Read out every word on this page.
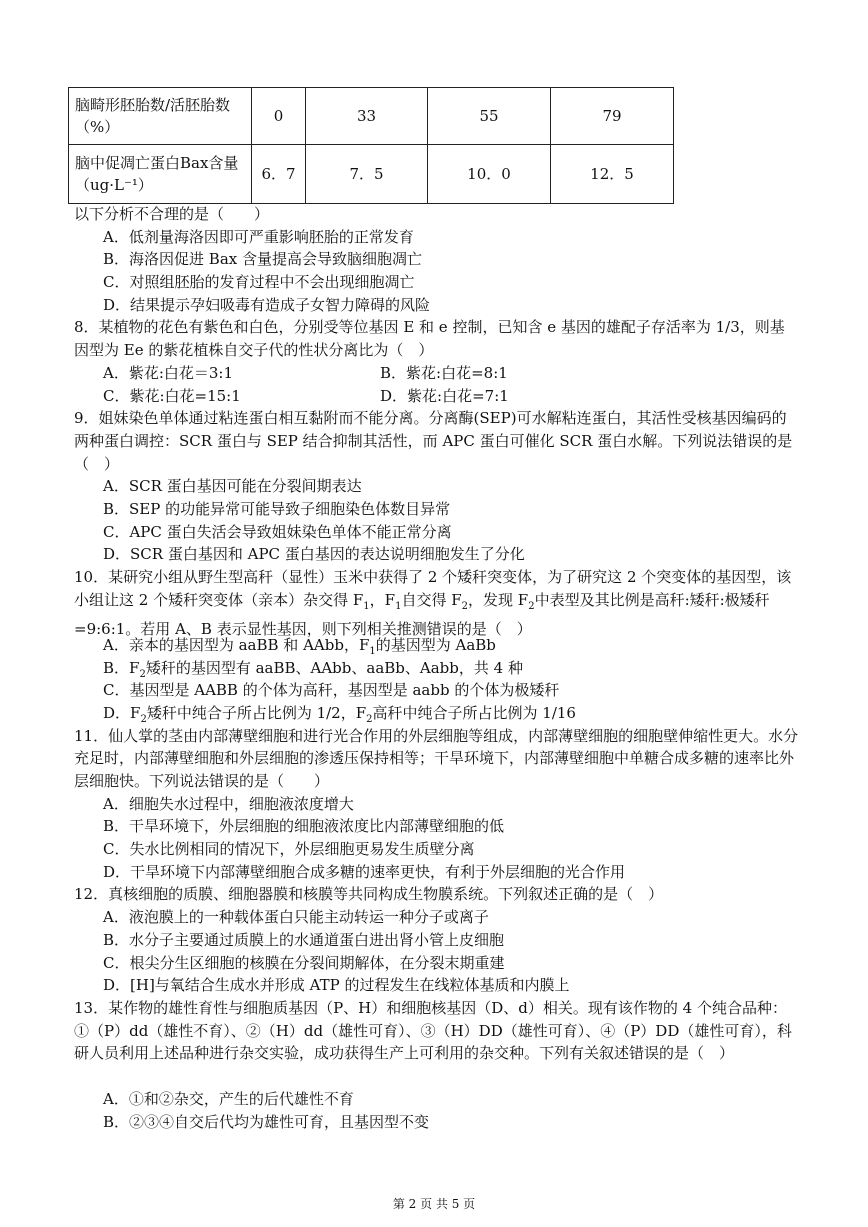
脑畸形胚胎数/活胚胎数（%）	0	33	55	79
脑中促凋亡蛋白Bax含量（ug·L⁻¹）	6．7	7．5	10．0	12．5
以下分析不合理的是（　　）
A．低剂量海洛因即可严重影响胚胎的正常发育
B．海洛因促进 Bax 含量提高会导致脑细胞凋亡
C．对照组胚胎的发育过程中不会出现细胞凋亡
D．结果提示孕妇吸毒有造成子女智力障碍的风险
8．某植物的花色有紫色和白色，分别受等位基因 E 和 e 控制，已知含 e 基因的雄配子存活率为 1/3，则基因型为 Ee 的紫花植株自交子代的性状分离比为（　）
A．紫花:白花＝3:1	B．紫花:白花=8:1
C．紫花:白花=15:1	D．紫花:白花=7:1
9．姐妹染色单体通过粘连蛋白相互黏附而不能分离。分离酶(SEP)可水解粘连蛋白，其活性受核基因编码的两种蛋白调控：SCR 蛋白与 SEP 结合抑制其活性，而 APC 蛋白可催化 SCR 蛋白水解。下列说法错误的是（　）
A．SCR 蛋白基因可能在分裂间期表达
B．SEP 的功能异常可能导致子细胞染色体数目异常
C．APC 蛋白失活会导致姐妹染色单体不能正常分离
D．SCR 蛋白基因和 APC 蛋白基因的表达说明细胞发生了分化
10．某研究小组从野生型高秆（显性）玉米中获得了 2 个矮秆突变体，为了研究这 2 个突变体的基因型，该小组让这 2 个矮秆突变体（亲本）杂交得 $F_1$，$F_1$自交得 $F_2$，发现 $F_2$中表型及其比例是高秆:矮秆:极矮秆=9:6:1。若用 A、B 表示显性基因，则下列相关推测错误的是（　）
A．亲本的基因型为 aaBB 和 AAbb，$F_1$的基因型为 AaBb
B．$F_2$矮秆的基因型有 aaBB、AAbb、aaBb、Aabb，共 4 种
C．基因型是 AABB 的个体为高秆，基因型是 aabb 的个体为极矮秆
D．$F_2$矮秆中纯合子所占比例为 1/2，$F_2$高秆中纯合子所占比例为 1/16
11．仙人掌的茎由内部薄壁细胞和进行光合作用的外层细胞等组成，内部薄壁细胞的细胞壁伸缩性更大。水分充足时，内部薄壁细胞和外层细胞的渗透压保持相等；干旱环境下，内部薄壁细胞中单糖合成多糖的速率比外层细胞快。下列说法错误的是（　　）
A．细胞失水过程中，细胞液浓度增大
B．干旱环境下，外层细胞的细胞液浓度比内部薄壁细胞的低
C．失水比例相同的情况下，外层细胞更易发生质壁分离
D．干旱环境下内部薄壁细胞合成多糖的速率更快，有利于外层细胞的光合作用
12．真核细胞的质膜、细胞器膜和核膜等共同构成生物膜系统。下列叙述正确的是（　）
A．液泡膜上的一种载体蛋白只能主动转运一种分子或离子
B．水分子主要通过质膜上的水通道蛋白进出肾小管上皮细胞
C．根尖分生区细胞的核膜在分裂间期解体，在分裂末期重建
D．[H]与氧结合生成水并形成 ATP 的过程发生在线粒体基质和内膜上
13．某作物的雄性育性与细胞质基因（P、H）和细胞核基因（D、d）相关。现有该作物的 4 个纯合品种：①（P）dd（雄性不育）、②（H）dd（雄性可育）、③（H）DD（雄性可育）、④（P）DD（雄性可育），科研人员利用上述品种进行杂交实验，成功获得生产上可利用的杂交种。下列有关叙述错误的是（　）
A．①和②杂交，产生的后代雄性不育
B．②③④自交后代均为雄性可育，且基因型不变
第 2 页 共 5 页
